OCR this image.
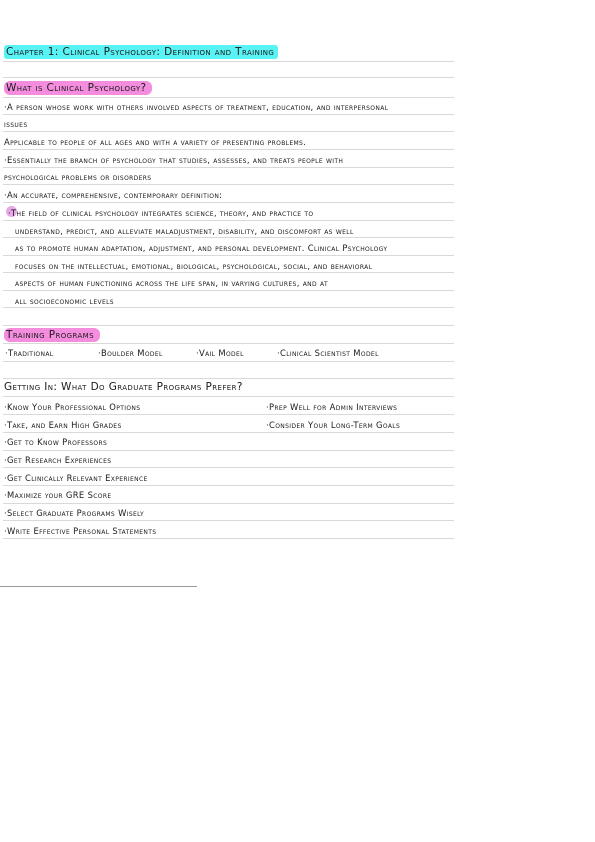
Chapter 1: Clinical Psychology: Definition and Training
What is Clinical Psychology?
·A person whose work with others involved aspects of treatment, education, and interpersonal
issues
Applicable to people of all ages and with a variety of presenting problems.
·Essentially the branch of psychology that studies, assesses, and treats people with
psychological problems or disorders
·An accurate, comprehensive, contemporary definition:
·The field of clinical psychology integrates science, theory, and practice to
understand, predict, and alleviate maladjustment, disability, and discomfort as well
as to promote human adaptation, adjustment, and personal development. Clinical Psychology
focuses on the intellectual, emotional, biological, psychological, social, and behavioral
aspects of human functioning across the life span, in varying cultures, and at
all socioeconomic levels
Training Programs
·Traditional	·Boulder Model	·Vail Model	·Clinical Scientist Model
Getting In: What Do Graduate Programs Prefer?
·Know Your Professional Options
·Take, and Earn High Grades
·Get to Know Professors
·Get Research Experiences
·Get Clinically Relevant Experience
·Maximize your GRE Score
·Select Graduate Programs Wisely
·Write Effective Personal Statements
·Prep Well for Admin Interviews
·Consider Your Long-Term Goals
